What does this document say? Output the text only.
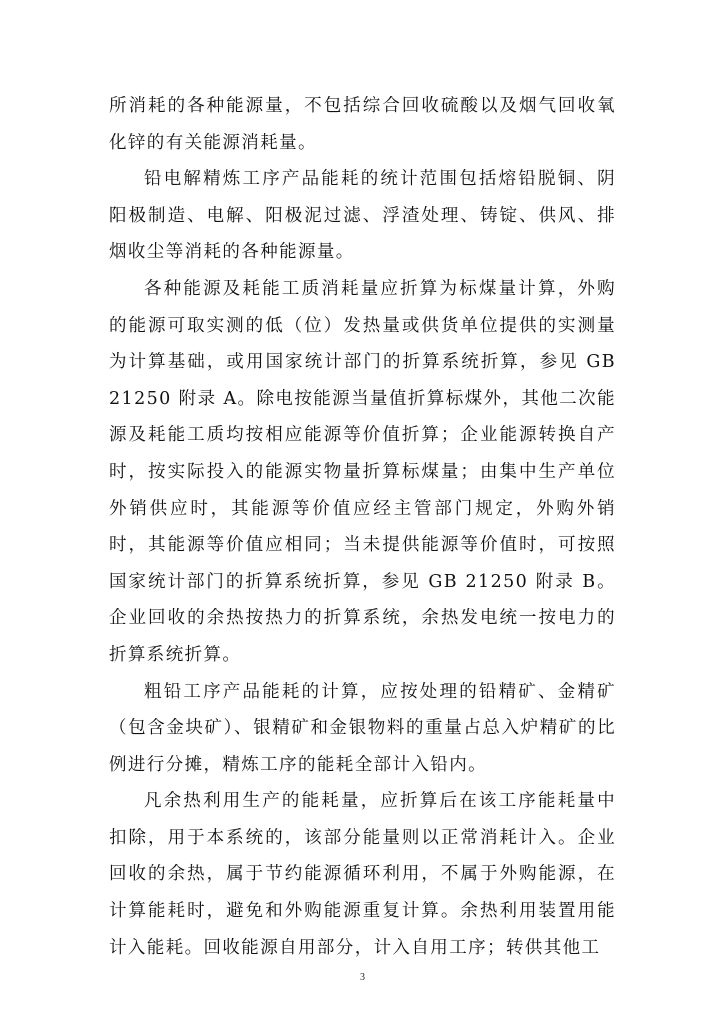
所消耗的各种能源量，不包括综合回收硫酸以及烟气回收氧化锌的有关能源消耗量。

铅电解精炼工序产品能耗的统计范围包括熔铅脱铜、阴阳极制造、电解、阳极泥过滤、浮渣处理、铸锭、供风、排烟收尘等消耗的各种能源量。

各种能源及耗能工质消耗量应折算为标煤量计算，外购的能源可取实测的低（位）发热量或供货单位提供的实测量为计算基础，或用国家统计部门的折算系统折算，参见 GB 21250 附录 A。除电按能源当量值折算标煤外，其他二次能源及耗能工质均按相应能源等价值折算；企业能源转换自产时，按实际投入的能源实物量折算标煤量；由集中生产单位外销供应时，其能源等价值应经主管部门规定，外购外销时，其能源等价值应相同；当未提供能源等价值时，可按照国家统计部门的折算系统折算，参见 GB 21250 附录 B。企业回收的余热按热力的折算系统，余热发电统一按电力的折算系统折算。

粗铅工序产品能耗的计算，应按处理的铅精矿、金精矿（包含金块矿）、银精矿和金银物料的重量占总入炉精矿的比例进行分摊，精炼工序的能耗全部计入铅内。

凡余热利用生产的能耗量，应折算后在该工序能耗量中扣除，用于本系统的，该部分能量则以正常消耗计入。企业回收的余热，属于节约能源循环利用，不属于外购能源，在计算能耗时，避免和外购能源重复计算。余热利用装置用能计入能耗。回收能源自用部分，计入自用工序；转供其他工

3
